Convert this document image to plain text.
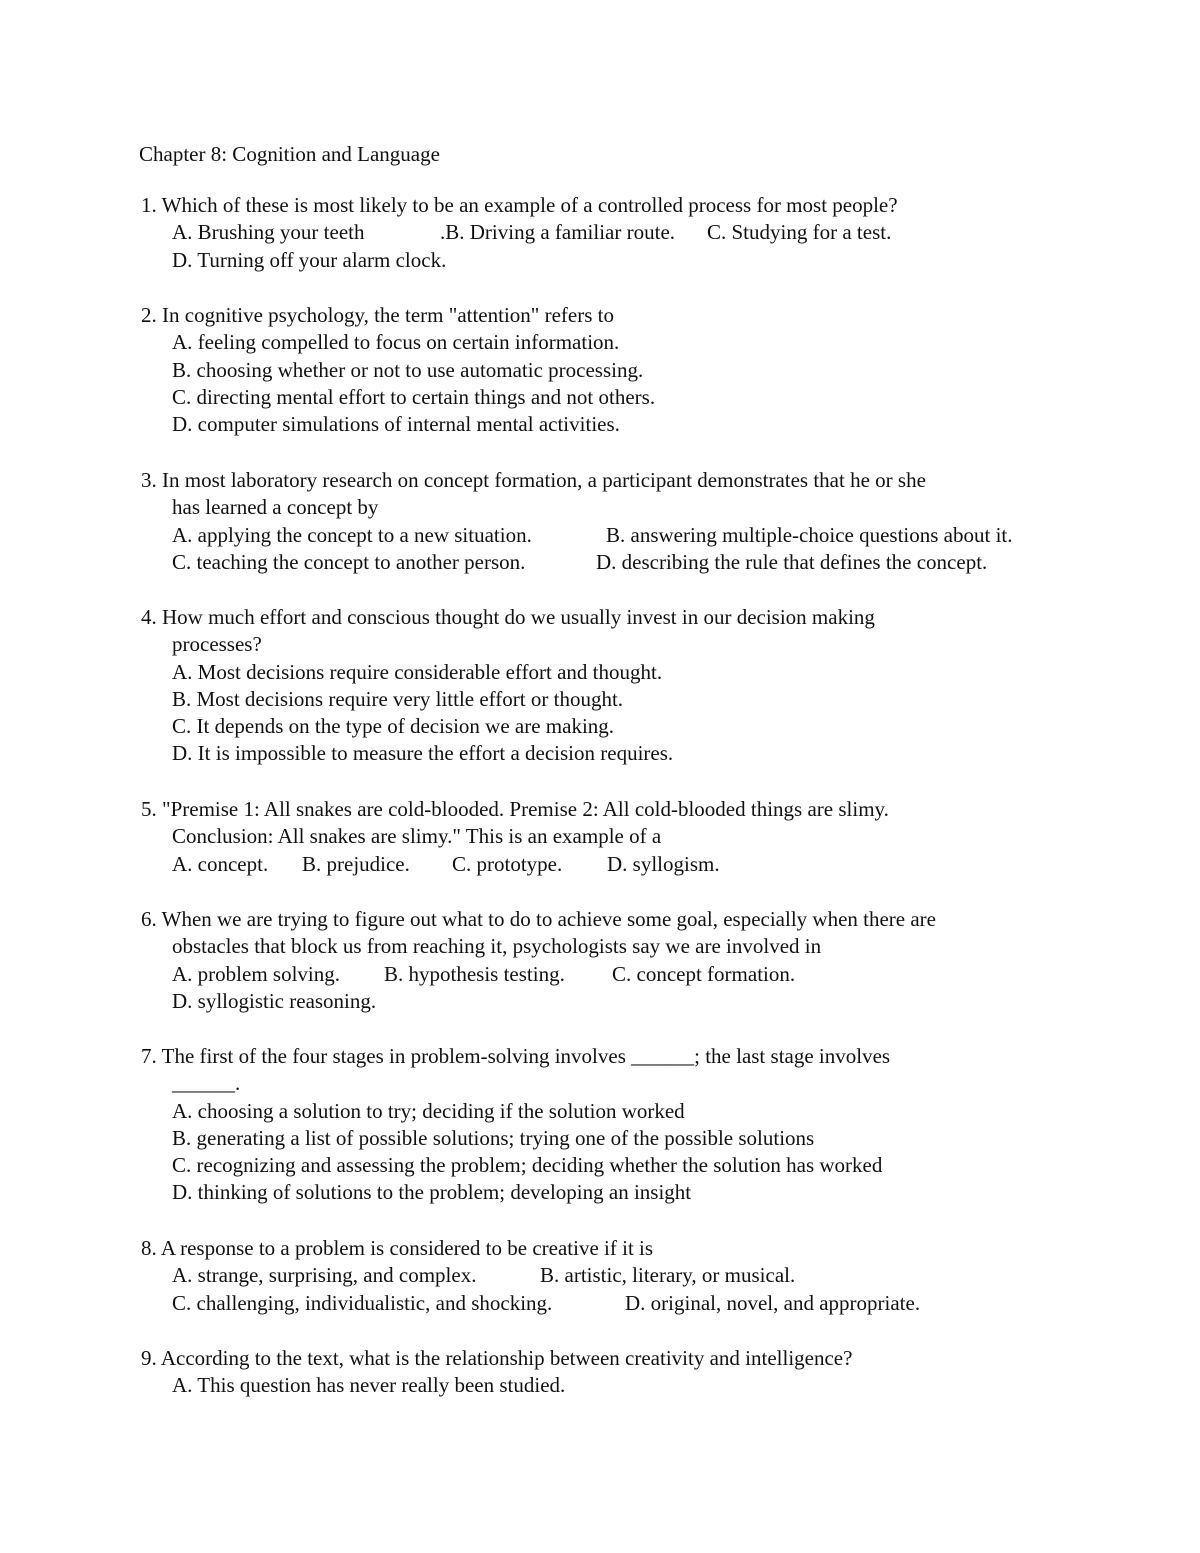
Chapter 8: Cognition and Language
1. Which of these is most likely to be an example of a controlled process for most people?
A. Brushing your teeth	.B. Driving a familiar route. C. Studying for a test.
D. Turning off your alarm clock.
2. In cognitive psychology, the term "attention" refers to
A. feeling compelled to focus on certain information.
B. choosing whether or not to use automatic processing.
C. directing mental effort to certain things and not others.
D. computer simulations of internal mental activities.
3. In most laboratory research on concept formation, a participant demonstrates that he or she
has learned a concept by
A. applying the concept to a new situation.	B. answering multiple-choice questions about it.
C. teaching the concept to another person.	D. describing the rule that defines the concept.
4. How much effort and conscious thought do we usually invest in our decision making
processes?
A. Most decisions require considerable effort and thought.
B. Most decisions require very little effort or thought.
C. It depends on the type of decision we are making.
D. It is impossible to measure the effort a decision requires.
5. "Premise 1: All snakes are cold-blooded. Premise 2: All cold-blooded things are slimy.
Conclusion: All snakes are slimy." This is an example of a
A. concept. B. prejudice. C. prototype. D. syllogism.
6. When we are trying to figure out what to do to achieve some goal, especially when there are
obstacles that block us from reaching it, psychologists say we are involved in
A. problem solving. B. hypothesis testing. C. concept formation.
D. syllogistic reasoning.
7. The first of the four stages in problem-solving involves ______; the last stage involves
______.
A. choosing a solution to try; deciding if the solution worked
B. generating a list of possible solutions; trying one of the possible solutions
C. recognizing and assessing the problem; deciding whether the solution has worked
D. thinking of solutions to the problem; developing an insight
8. A response to a problem is considered to be creative if it is
A. strange, surprising, and complex.	B. artistic, literary, or musical.
C. challenging, individualistic, and shocking.	D. original, novel, and appropriate.
9. According to the text, what is the relationship between creativity and intelligence?
A. This question has never really been studied.
